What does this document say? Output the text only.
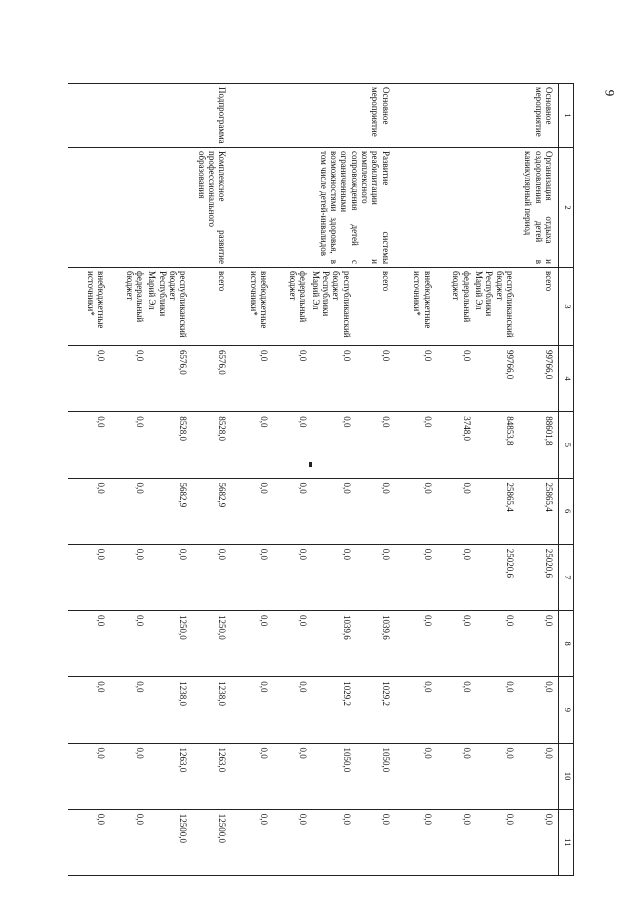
9
1	2	3	4	5	6	7	8	9	10	11
Основное мероприятие	Организация отдыха и оздоровления детей в каникулярный период	всего	99766,0	88601,8	25865,4	25020,6	0,0	0,0	0,0	0,0
		республиканский бюджет Республики Марий Эл	99766,0	84853,8	25865,4	25020,6	0,0	0,0	0,0	0,0
		федеральный бюджет	0,0	3748,0	0,0	0,0	0,0	0,0	0,0	0,0
		внебюджетные источники*	0,0	0,0	0,0	0,0	0,0	0,0	0,0	0,0
Основное мероприятие	Развитие системы реабилитации и комплексного сопровождения детей с ограниченными возможностями здоровья, в том числе детей-инвалидов	всего	0,0	0,0	0,0	0,0	1039,6	1029,2	1050,0	0,0
		республиканский бюджет Республики Марий Эл	0,0	0,0	0,0	0,0	1039,6	1029,2	1050,0	0,0
		федеральный бюджет	0,0	0,0	0,0	0,0	0,0	0,0	0,0	0,0
		внебюджетные источники*	0,0	0,0	0,0	0,0	0,0	0,0	0,0	0,0
Подпрограмма	Комплексное развитие профессионального образования	всего	6576,0	8528,0	5682,9	0,0	1250,0	1238,0	1263,0	12500,0
		республиканский бюджет Республики Марий Эл	6576,0	8528,0	5682,9	0,0	1250,0	1238,0	1263,0	12500,0
		федеральный бюджет	0,0	0,0	0,0	0,0	0,0	0,0	0,0	0,0
		внебюджетные источники*	0,0	0,0	0,0	0,0	0,0	0,0	0,0	0,0
